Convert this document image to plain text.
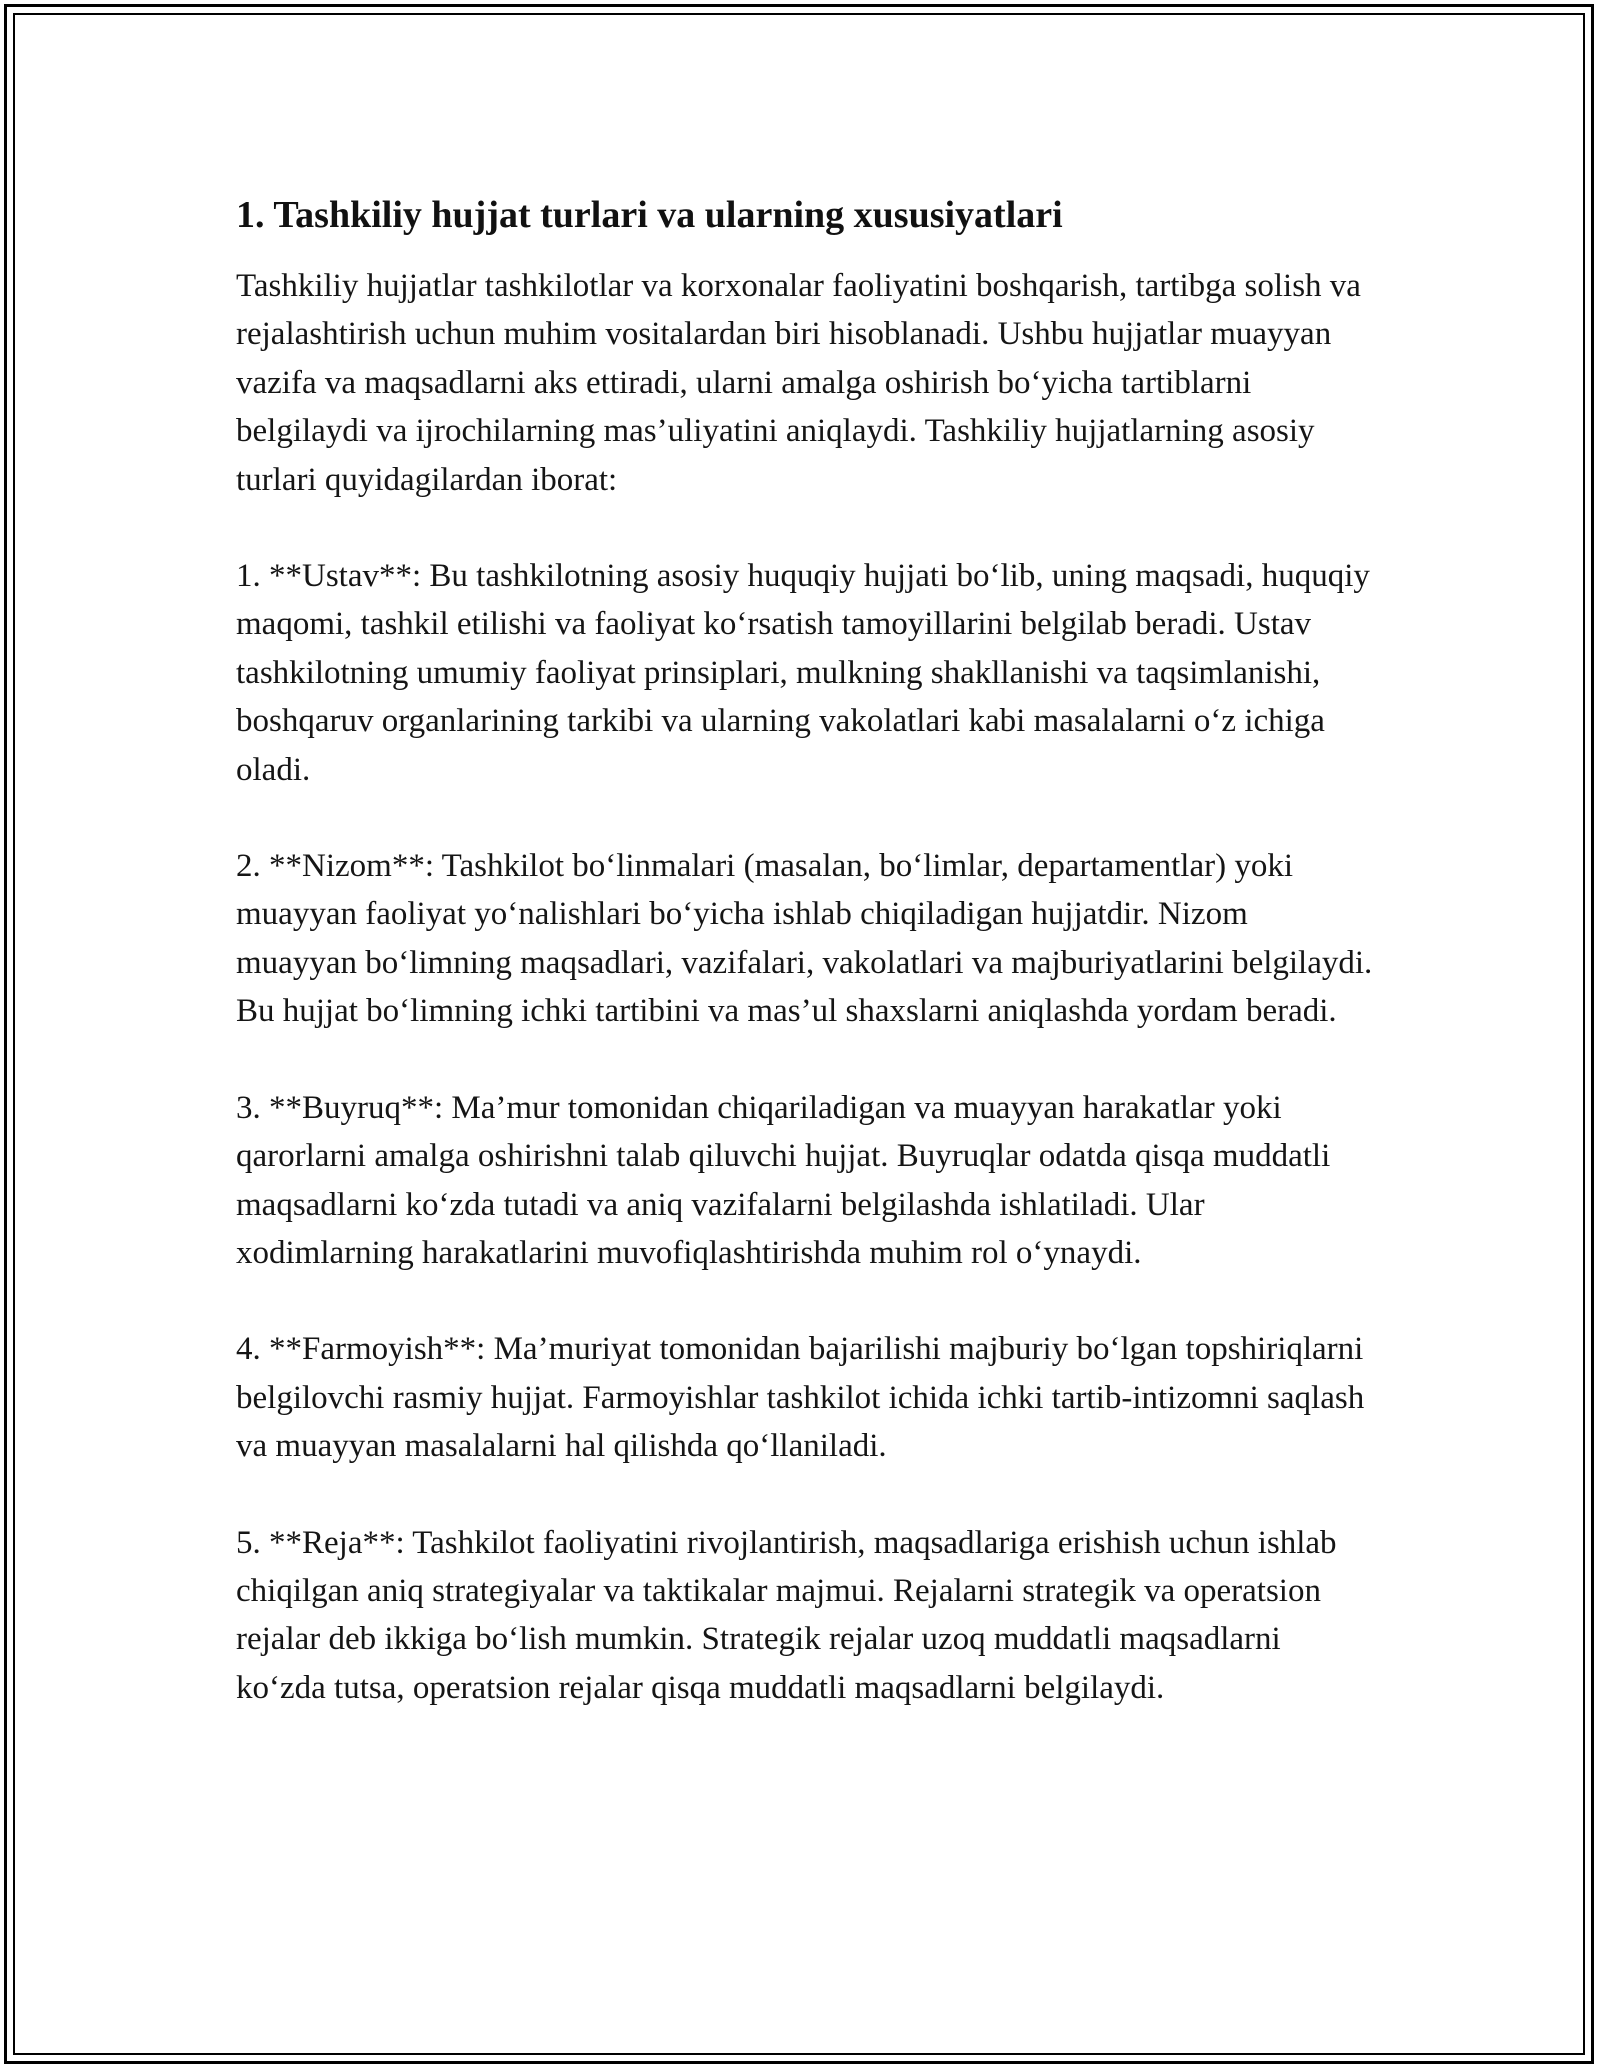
1. Tashkiliy hujjat turlari va ularning xususiyatlari

Tashkiliy hujjatlar tashkilotlar va korxonalar faoliyatini boshqarish, tartibga solish va rejalashtirish uchun muhim vositalardan biri hisoblanadi. Ushbu hujjatlar muayyan vazifa va maqsadlarni aks ettiradi, ularni amalga oshirish bo‘yicha tartiblarni belgilaydi va ijrochilarning mas’uliyatini aniqlaydi. Tashkiliy hujjatlarning asosiy turlari quyidagilardan iborat:

1. **Ustav**: Bu tashkilotning asosiy huquqiy hujjati bo‘lib, uning maqsadi, huquqiy maqomi, tashkil etilishi va faoliyat ko‘rsatish tamoyillarini belgilab beradi. Ustav tashkilotning umumiy faoliyat prinsiplari, mulkning shakllanishi va taqsimlanishi, boshqaruv organlarining tarkibi va ularning vakolatlari kabi masalalarni o‘z ichiga oladi.

2. **Nizom**: Tashkilot bo‘linmalari (masalan, bo‘limlar, departamentlar) yoki muayyan faoliyat yo‘nalishlari bo‘yicha ishlab chiqiladigan hujjatdir. Nizom muayyan bo‘limning maqsadlari, vazifalari, vakolatlari va majburiyatlarini belgilaydi. Bu hujjat bo‘limning ichki tartibini va mas’ul shaxslarni aniqlashda yordam beradi.

3. **Buyruq**: Ma’mur tomonidan chiqariladigan va muayyan harakatlar yoki qarorlarni amalga oshirishni talab qiluvchi hujjat. Buyruqlar odatda qisqa muddatli maqsadlarni ko‘zda tutadi va aniq vazifalarni belgilashda ishlatiladi. Ular xodimlarning harakatlarini muvofiqlashtirishda muhim rol o‘ynaydi.

4. **Farmoyish**: Ma’muriyat tomonidan bajarilishi majburiy bo‘lgan topshiriqlarni belgilovchi rasmiy hujjat. Farmoyishlar tashkilot ichida ichki tartib-intizomni saqlash va muayyan masalalarni hal qilishda qo‘llaniladi.

5. **Reja**: Tashkilot faoliyatini rivojlantirish, maqsadlariga erishish uchun ishlab chiqilgan aniq strategiyalar va taktikalar majmui. Rejalarni strategik va operatsion rejalar deb ikkiga bo‘lish mumkin. Strategik rejalar uzoq muddatli maqsadlarni ko‘zda tutsa, operatsion rejalar qisqa muddatli maqsadlarni belgilaydi.
